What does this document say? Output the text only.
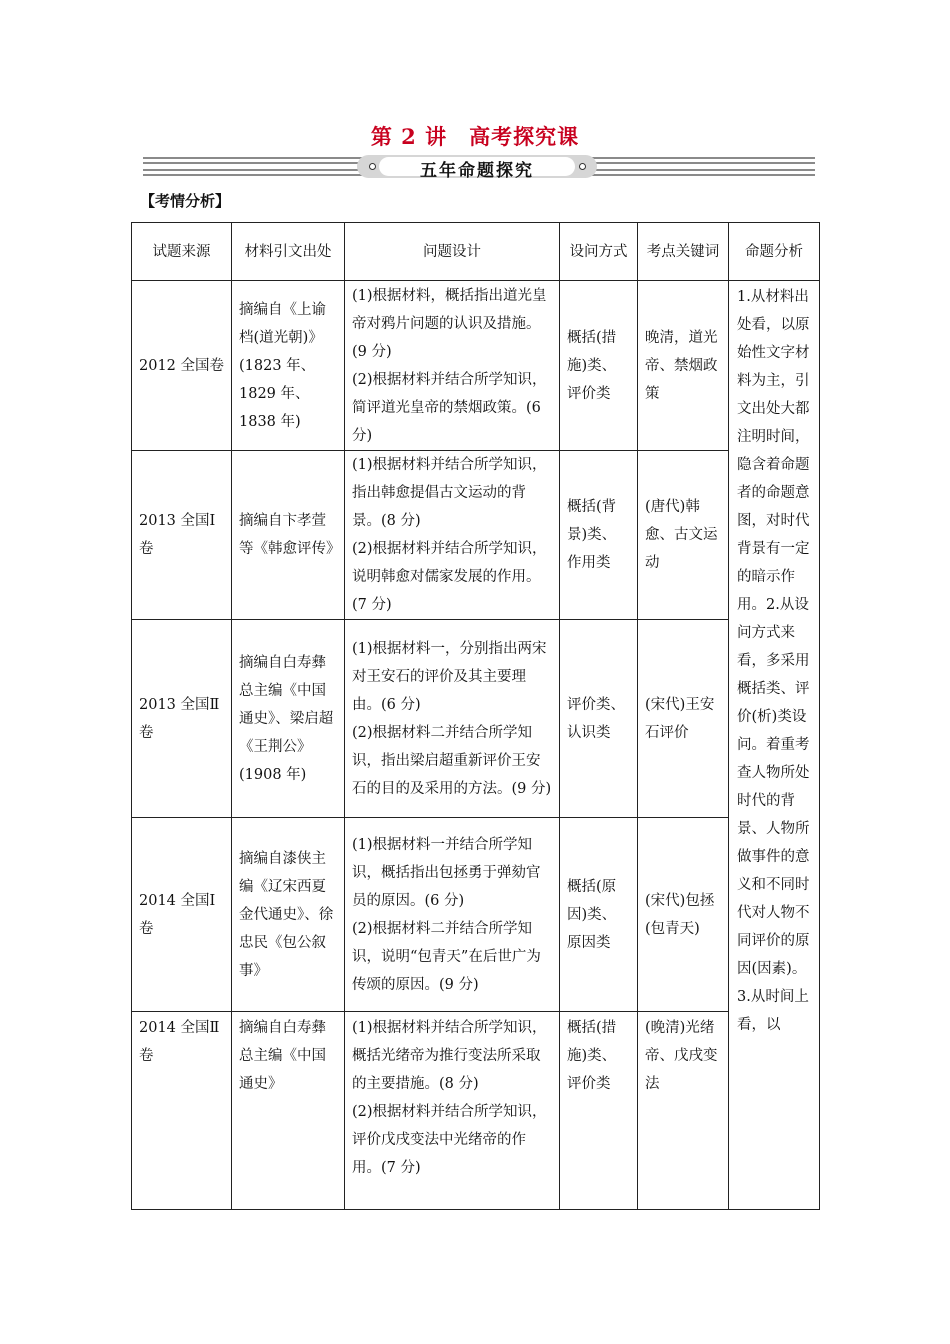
第 2 讲　高考探究课
五年命题探究
【考情分析】
试题来源	材料引文出处	问题设计	设问方式	考点关键词	命题分析
2012 全国卷	摘编自《上谕档(道光朝)》(1823 年、1829 年、1838 年)	(1)根据材料，概括指出道光皇帝对鸦片问题的认识及措施。(9 分)
(2)根据材料并结合所学知识，简评道光皇帝的禁烟政策。(6 分)	概括(措施)类、评价类	晚清，道光帝、禁烟政策	1.从材料出处看，以原始性文字材料为主，引文出处大都注明时间，隐含着命题者的命题意图，对时代背景有一定的暗示作用。2.从设问方式来看，多采用概括类、评价(析)类设问。着重考查人物所处时代的背景、人物所做事件的意义和不同时代对人物不同评价的原因(因素)。3.从时间上看，以
2013 全国Ⅰ卷	摘编自卞孝萱等《韩愈评传》	(1)根据材料并结合所学知识，指出韩愈提倡古文运动的背景。(8 分)
(2)根据材料并结合所学知识，说明韩愈对儒家发展的作用。(7 分)	概括(背景)类、作用类	(唐代)韩愈、古文运动	
2013 全国Ⅱ卷	摘编自白寿彝总主编《中国通史》、梁启超《王荆公》(1908 年)	(1)根据材料一，分别指出两宋对王安石的评价及其主要理由。(6 分)
(2)根据材料二并结合所学知识，指出梁启超重新评价王安石的目的及采用的方法。(9 分)	评价类、认识类	(宋代)王安石评价	
2014 全国Ⅰ卷	摘编自漆侠主编《辽宋西夏金代通史》、徐忠民《包公叙事》	(1)根据材料一并结合所学知识，概括指出包拯勇于弹劾官员的原因。(6 分)
(2)根据材料二并结合所学知识，说明“包青天”在后世广为传颂的原因。(9 分)	概括(原因)类、原因类	(宋代)包拯(包青天)	
2014 全国Ⅱ卷	摘编自白寿彝总主编《中国通史》	(1)根据材料并结合所学知识，概括光绪帝为推行变法所采取的主要措施。(8 分)
(2)根据材料并结合所学知识，评价戊戌变法中光绪帝的作用。(7 分)	概括(措施)类、评价类	(晚清)光绪帝、戊戌变法	
